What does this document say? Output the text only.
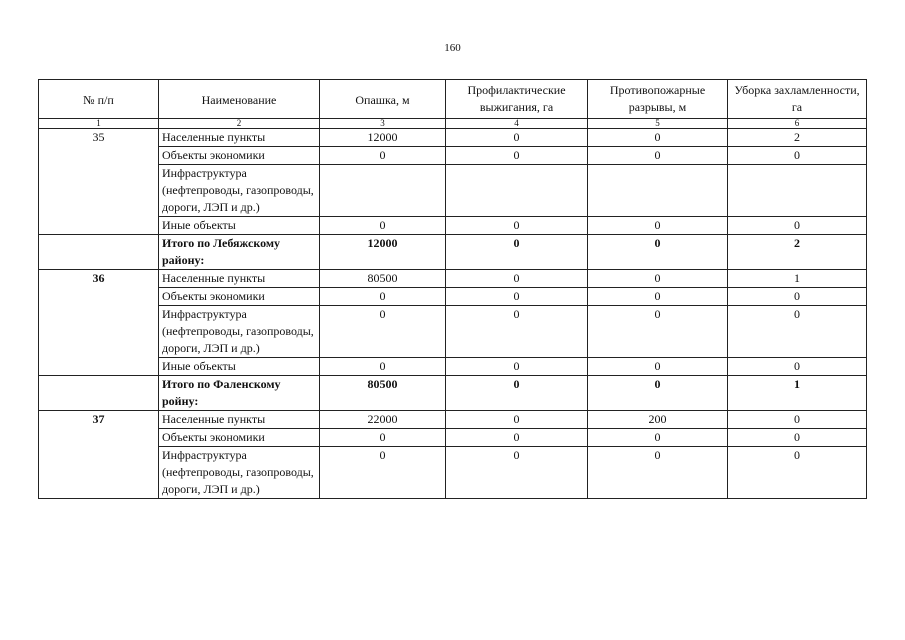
160
№ п/п	Наименование	Опашка, м	Профилактические выжигания, га	Противопожарные разрывы, м	Уборка захламленности, га
1	2	3	4	5	6
35	Населенные пункты	12000	0	0	2
	Объекты экономики	0	0	0	0
	Инфраструктура (нефтепроводы, газопроводы, дороги, ЛЭП и др.)				
	Иные объекты	0	0	0	0
	Итого по Лебяжскому району:	12000	0	0	2
36	Населенные пункты	80500	0	0	1
	Объекты экономики	0	0	0	0
	Инфраструктура (нефтепроводы, газопроводы, дороги, ЛЭП и др.)	0	0	0	0
	Иные объекты	0	0	0	0
	Итого по Фаленскому ройну:	80500	0	0	1
37	Населенные пункты	22000	0	200	0
	Объекты экономики	0	0	0	0
	Инфраструктура (нефтепроводы, газопроводы, дороги, ЛЭП и др.)	0	0	0	0
